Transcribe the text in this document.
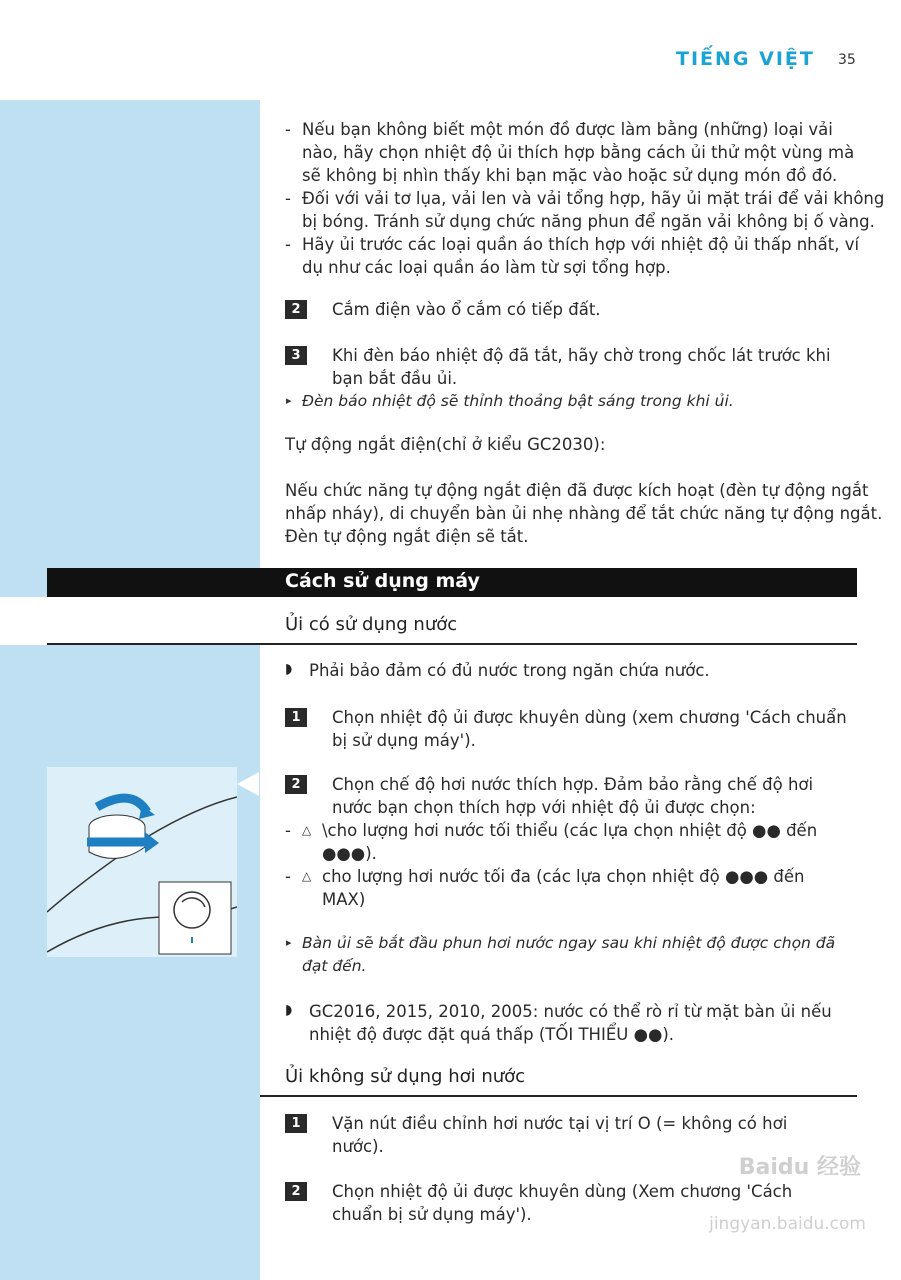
TIẾNG VIỆT 35
- Nếu bạn không biết một món đồ được làm bằng (những) loại vải
nào, hãy chọn nhiệt độ ủi thích hợp bằng cách ủi thử một vùng mà
sẽ không bị nhìn thấy khi bạn mặc vào hoặc sử dụng món đồ đó.
- Đối với vải tơ lụa, vải len và vải tổng hợp, hãy ủi mặt trái để vải không
bị bóng. Tránh sử dụng chức năng phun để ngăn vải không bị ố vàng.
- Hãy ủi trước các loại quần áo thích hợp với nhiệt độ ủi thấp nhất, ví
dụ như các loại quần áo làm từ sợi tổng hợp.
2	Cắm điện vào ổ cắm có tiếp đất.
3	Khi đèn báo nhiệt độ đã tắt, hãy chờ trong chốc lát trước khi
bạn bắt đầu ủi.
▸ Đèn báo nhiệt độ sẽ thỉnh thoảng bật sáng trong khi ủi.
Tự động ngắt điện(chỉ ở kiểu GC2030):
Nếu chức năng tự động ngắt điện đã được kích hoạt (đèn tự động ngắt
nhấp nháy), di chuyển bàn ủi nhẹ nhàng để tắt chức năng tự động ngắt.
Đèn tự động ngắt điện sẽ tắt.
Cách sử dụng máy
Ủi có sử dụng nước
◗ Phải bảo đảm có đủ nước trong ngăn chứa nước.
1	Chọn nhiệt độ ủi được khuyên dùng (xem chương 'Cách chuẩn
bị sử dụng máy').
2	Chọn chế độ hơi nước thích hợp. Đảm bảo rằng chế độ hơi
nước bạn chọn thích hợp với nhiệt độ ủi được chọn:
- △ \cho lượng hơi nước tối thiểu (các lựa chọn nhiệt độ ●● đến
●●●).
- △ cho lượng hơi nước tối đa (các lựa chọn nhiệt độ ●●● đến
MAX)
▸ Bàn ủi sẽ bắt đầu phun hơi nước ngay sau khi nhiệt độ được chọn đã
đạt đến.
◗ GC2016, 2015, 2010, 2005: nước có thể rò rỉ từ mặt bàn ủi nếu
nhiệt độ được đặt quá thấp (TỐI THIỂU ●●).
Ủi không sử dụng hơi nước
1	Vặn nút điều chỉnh hơi nước tại vị trí O (= không có hơi
nước).
2	Chọn nhiệt độ ủi được khuyên dùng (Xem chương 'Cách
chuẩn bị sử dụng máy').
Baidu 经验
jingyan.baidu.com
